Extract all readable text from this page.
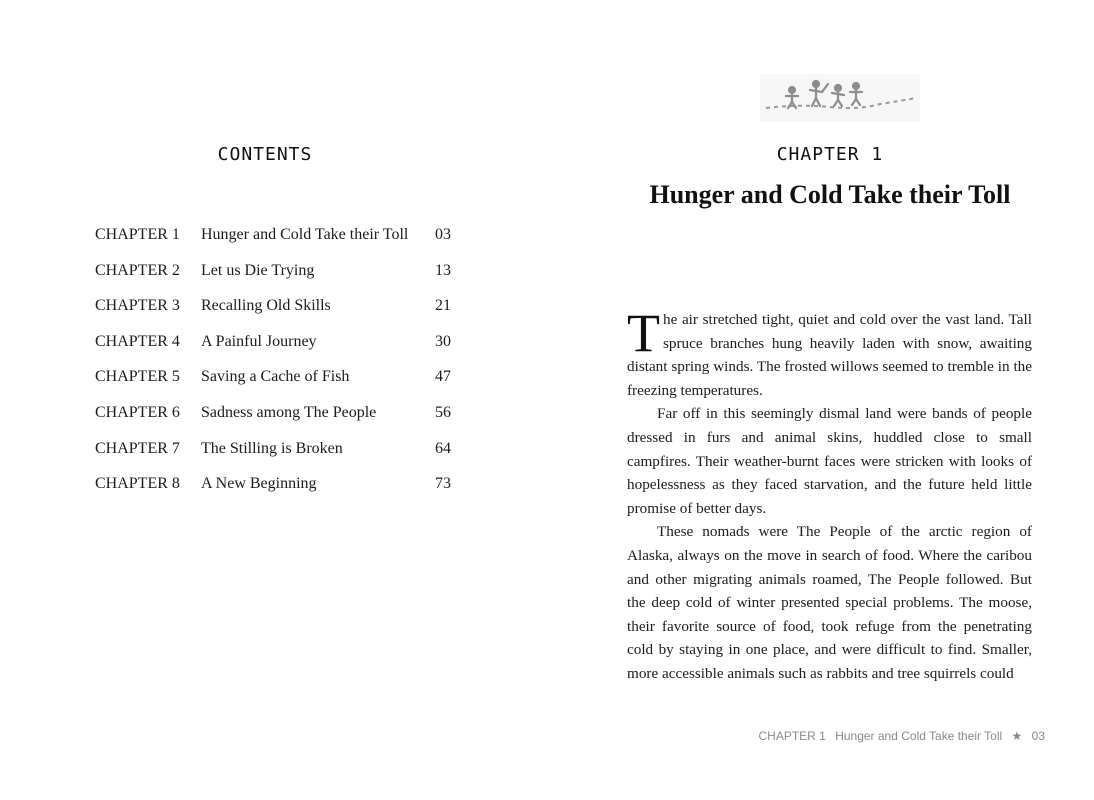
CONTENTS
CHAPTER 1 Hunger and Cold Take their Toll 03
CHAPTER 2 Let us Die Trying	13
CHAPTER 3 Recalling Old Skills	21
CHAPTER 4 A Painful Journey	30
CHAPTER 5 Saving a Cache of Fish	47
CHAPTER 6 Sadness among The People	56
CHAPTER 7 The Stilling is Broken	64
CHAPTER 8 A New Beginning	73
CHAPTER 1
Hunger and Cold Take their Toll

The air stretched tight, quiet and cold over the vast land. Tall spruce branches hung heavily laden with snow, awaiting distant spring winds. The frosted willows seemed to tremble in the freezing temperatures.

Far off in this seemingly dismal land were bands of people dressed in furs and animal skins, huddled close to small campfires. Their weather-burnt faces were stricken with looks of hopelessness as they faced starvation, and the future held little promise of better days.

These nomads were The People of the arctic region of Alaska, always on the move in search of food. Where the caribou and other migrating animals roamed, The People followed. But the deep cold of winter presented special problems. The moose, their favorite source of food, took refuge from the penetrating cold by staying in one place, and were difficult to find. Smaller, more accessible animals such as rabbits and tree squirrels could

CHAPTER 1 Hunger and Cold Take their Toll ★ 03
